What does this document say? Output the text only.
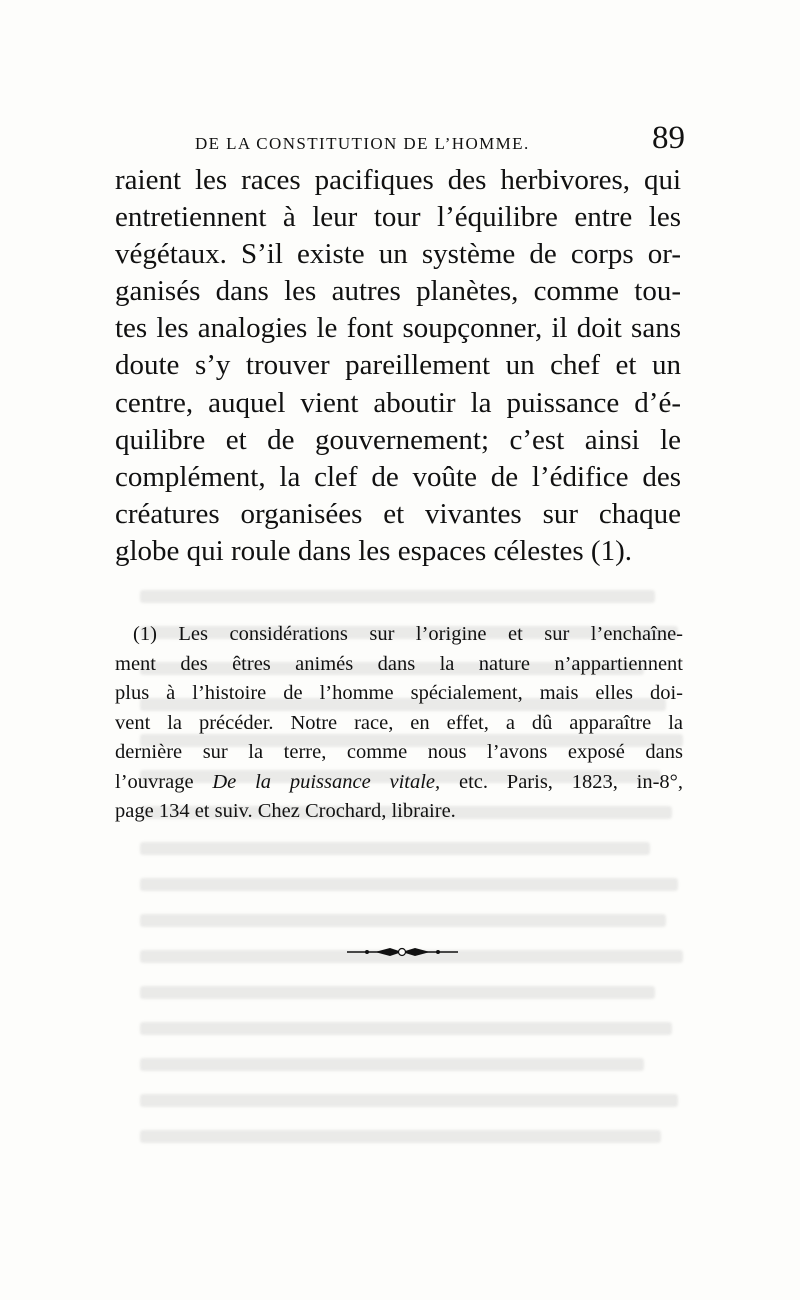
DE LA CONSTITUTION DE L’HOMME.	89
raient les races pacifiques des herbivores, qui
entretiennent à leur tour l’équilibre entre les
végétaux. S’il existe un système de corps or-
ganisés dans les autres planètes, comme tou-
tes les analogies le font soupçonner, il doit sans
doute s’y trouver pareillement un chef et un
centre, auquel vient aboutir la puissance d’é-
quilibre et de gouvernement; c’est ainsi le
complément, la clef de voûte de l’édifice des
créatures organisées et vivantes sur chaque
globe qui roule dans les espaces célestes (1).
(1) Les considérations sur l’origine et sur l’enchaîne-
ment des êtres animés dans la nature n’appartiennent
plus à l’histoire de l’homme spécialement, mais elles doi-
vent la précéder. Notre race, en effet, a dû apparaître la
dernière sur la terre, comme nous l’avons exposé dans
l’ouvrage De la puissance vitale, etc. Paris, 1823, in-8°,
page 134 et suiv. Chez Crochard, libraire.
